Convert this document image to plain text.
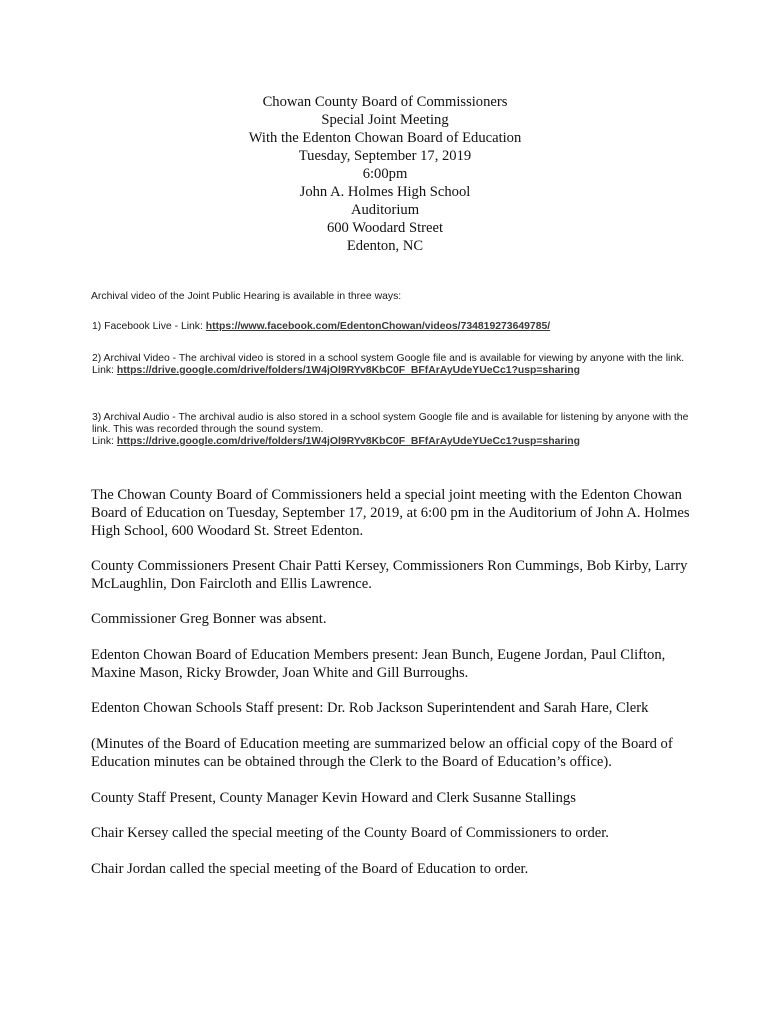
Chowan County Board of Commissioners
Special Joint Meeting
With the Edenton Chowan Board of Education
Tuesday, September 17, 2019
6:00pm
John A. Holmes High School
Auditorium
600 Woodard Street
Edenton, NC
Archival video of the Joint Public Hearing is available in three ways:
1) Facebook Live - Link: https://www.facebook.com/EdentonChowan/videos/734819273649785/
2) Archival Video - The archival video is stored in a school system Google file and is available for viewing by anyone with the link.
Link: https://drive.google.com/drive/folders/1W4jOl9RYv8KbC0F_BFfArAyUdeYUeCc1?usp=sharing
3) Archival Audio - The archival audio is also stored in a school system Google file and is available for listening by anyone with the link. This was recorded through the sound system.
Link: https://drive.google.com/drive/folders/1W4jOl9RYv8KbC0F_BFfArAyUdeYUeCc1?usp=sharing
The Chowan County Board of Commissioners held a special joint meeting with the Edenton Chowan Board of Education on Tuesday, September 17, 2019, at 6:00 pm in the Auditorium of John A. Holmes High School, 600 Woodard St. Street Edenton.
County Commissioners Present Chair Patti Kersey, Commissioners Ron Cummings, Bob Kirby, Larry McLaughlin, Don Faircloth and Ellis Lawrence.
Commissioner Greg Bonner was absent.
Edenton Chowan Board of Education Members present: Jean Bunch, Eugene Jordan, Paul Clifton, Maxine Mason, Ricky Browder, Joan White and Gill Burroughs.
Edenton Chowan Schools Staff present: Dr. Rob Jackson Superintendent and Sarah Hare, Clerk
(Minutes of the Board of Education meeting are summarized below an official copy of the Board of Education minutes can be obtained through the Clerk to the Board of Education’s office).
County Staff Present, County Manager Kevin Howard and Clerk Susanne Stallings
Chair Kersey called the special meeting of the County Board of Commissioners to order.
Chair Jordan called the special meeting of the Board of Education to order.
